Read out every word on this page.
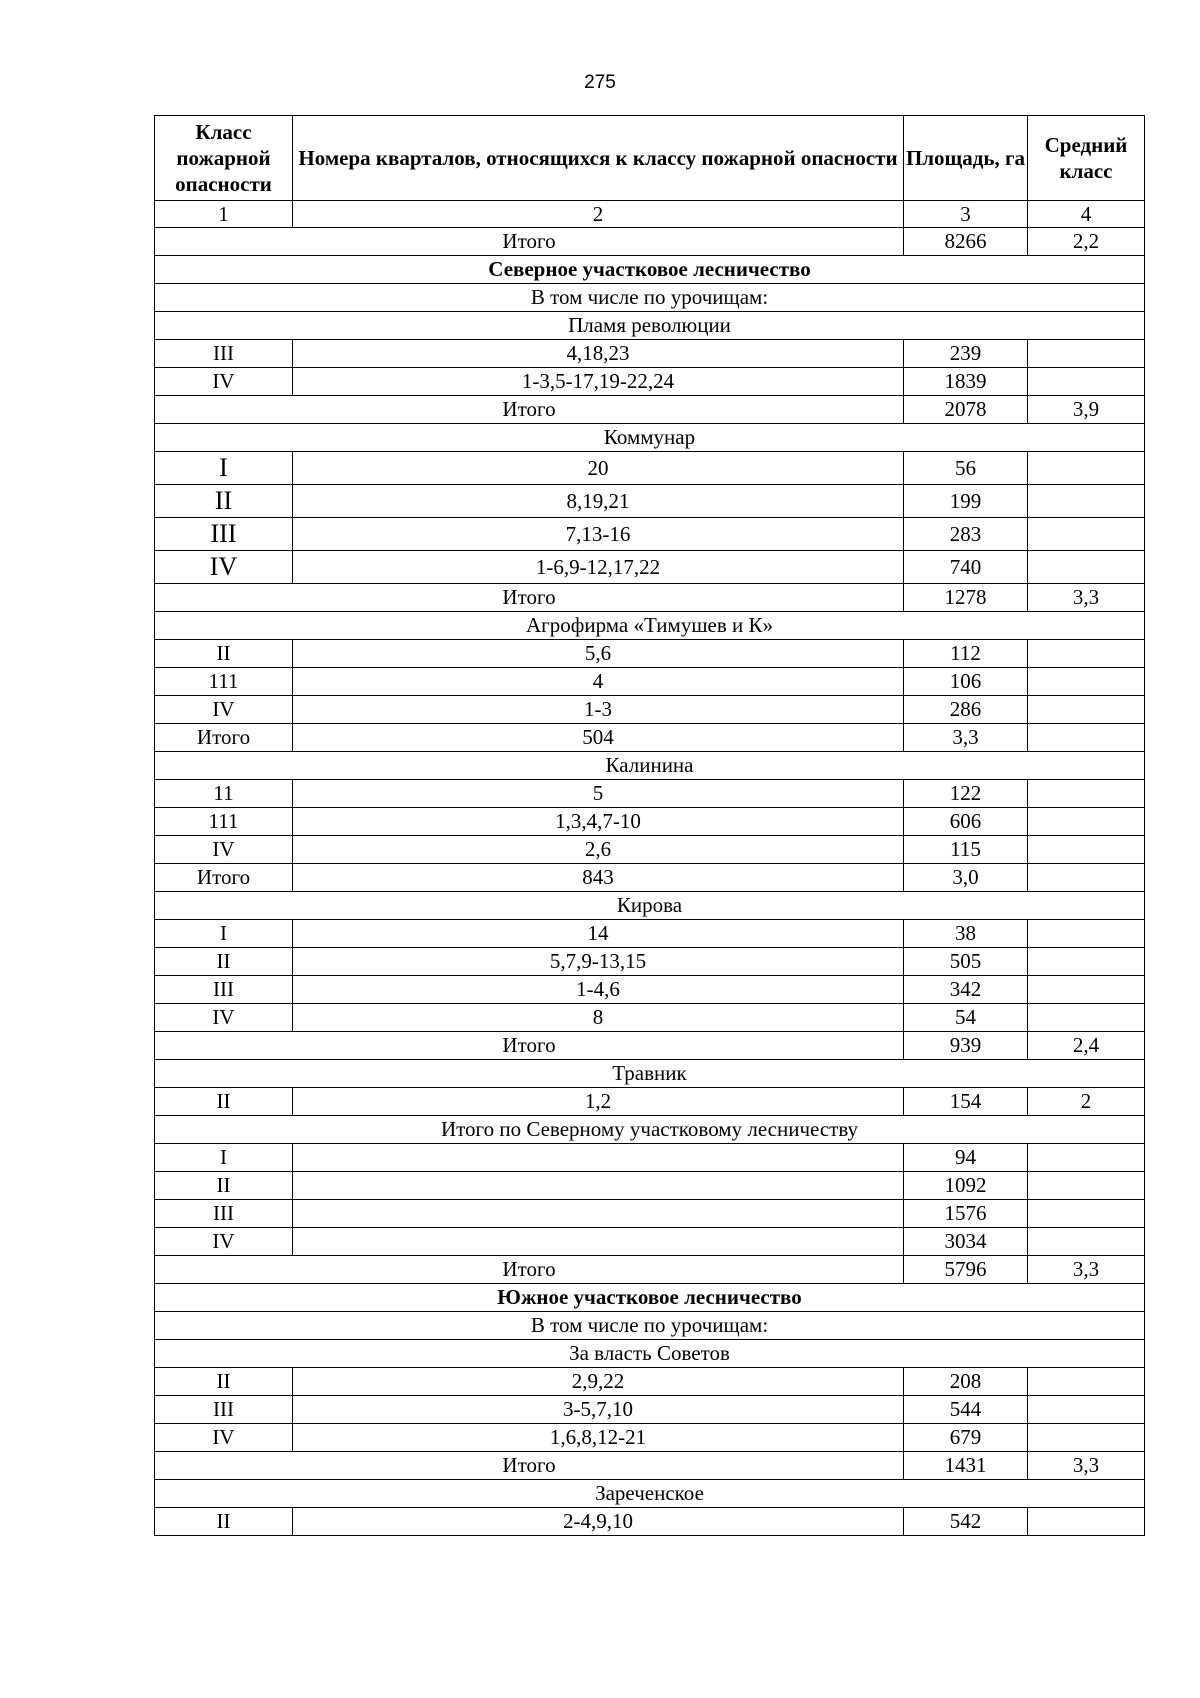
275
Класс пожарной опасности	Номера кварталов, относящихся к классу пожарной опасности	Площадь, га	Средний класс
1	2	3	4
Итого		8266	2,2
Северное участковое лесничество			
В том числе по урочищам:			
Пламя революции			
III	4,18,23	239	
IV	1-3,5-17,19-22,24	1839	
Итого		2078	3,9
Коммунар			
I	20	56	
II	8,19,21	199	
III	7,13-16	283	
IV	1-6,9-12,17,22	740	
Итого		1278	3,3
Агрофирма «Тимушев и К»			
II	5,6	112	
111	4	106	
IV	1-3	286	
Итого	504	3,3	
Калинина			
11	5	122	
111	1,3,4,7-10	606	
IV	2,6	115	
Итого	843	3,0	
Кирова			
I	14	38	
II	5,7,9-13,15	505	
III	1-4,6	342	
IV	8	54	
Итого		939	2,4
Травник			
II	1,2	154	2
Итого по Северному участковому лесничеству			
I		94	
II		1092	
III		1576	
IV		3034	
Итого		5796	3,3
Южное участковое лесничество			
В том числе по урочищам:			
За власть Советов			
II	2,9,22	208	
III	3-5,7,10	544	
IV	1,6,8,12-21	679	
Итого		1431	3,3
Зареченское			
II	2-4,9,10	542	
